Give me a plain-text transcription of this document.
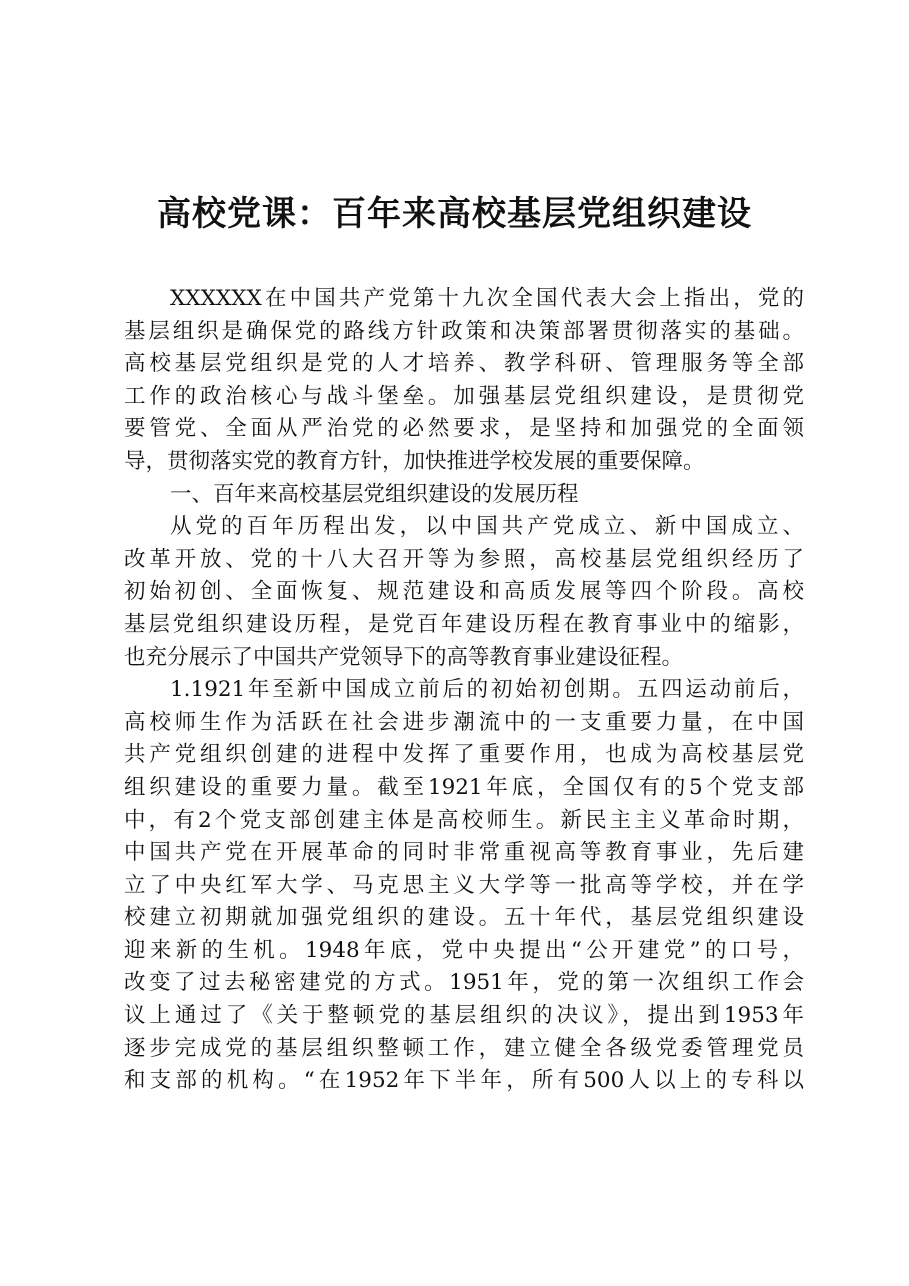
高校党课：百年来高校基层党组织建设
XXXXXX在中国共产党第十九次全国代表大会上指出，党的
基层组织是确保党的路线方针政策和决策部署贯彻落实的基础。
高校基层党组织是党的人才培养、教学科研、管理服务等全部
工作的政治核心与战斗堡垒。加强基层党组织建设，是贯彻党
要管党、全面从严治党的必然要求，是坚持和加强党的全面领
导，贯彻落实党的教育方针，加快推进学校发展的重要保障。
一、百年来高校基层党组织建设的发展历程
从党的百年历程出发，以中国共产党成立、新中国成立、
改革开放、党的十八大召开等为参照，高校基层党组织经历了
初始初创、全面恢复、规范建设和高质发展等四个阶段。高校
基层党组织建设历程，是党百年建设历程在教育事业中的缩影，
也充分展示了中国共产党领导下的高等教育事业建设征程。
1.1921年至新中国成立前后的初始初创期。五四运动前后，
高校师生作为活跃在社会进步潮流中的一支重要力量，在中国
共产党组织创建的进程中发挥了重要作用，也成为高校基层党
组织建设的重要力量。截至1921年底，全国仅有的5个党支部
中，有2个党支部创建主体是高校师生。新民主主义革命时期，
中国共产党在开展革命的同时非常重视高等教育事业，先后建
立了中央红军大学、马克思主义大学等一批高等学校，并在学
校建立初期就加强党组织的建设。五十年代，基层党组织建设
迎来新的生机。1948年底，党中央提出“公开建党”的口号，
改变了过去秘密建党的方式。1951年，党的第一次组织工作会
议上通过了《关于整顿党的基层组织的决议》，提出到1953年
逐步完成党的基层组织整顿工作，建立健全各级党委管理党员
和支部的机构。“在1952年下半年，所有500人以上的专科以
